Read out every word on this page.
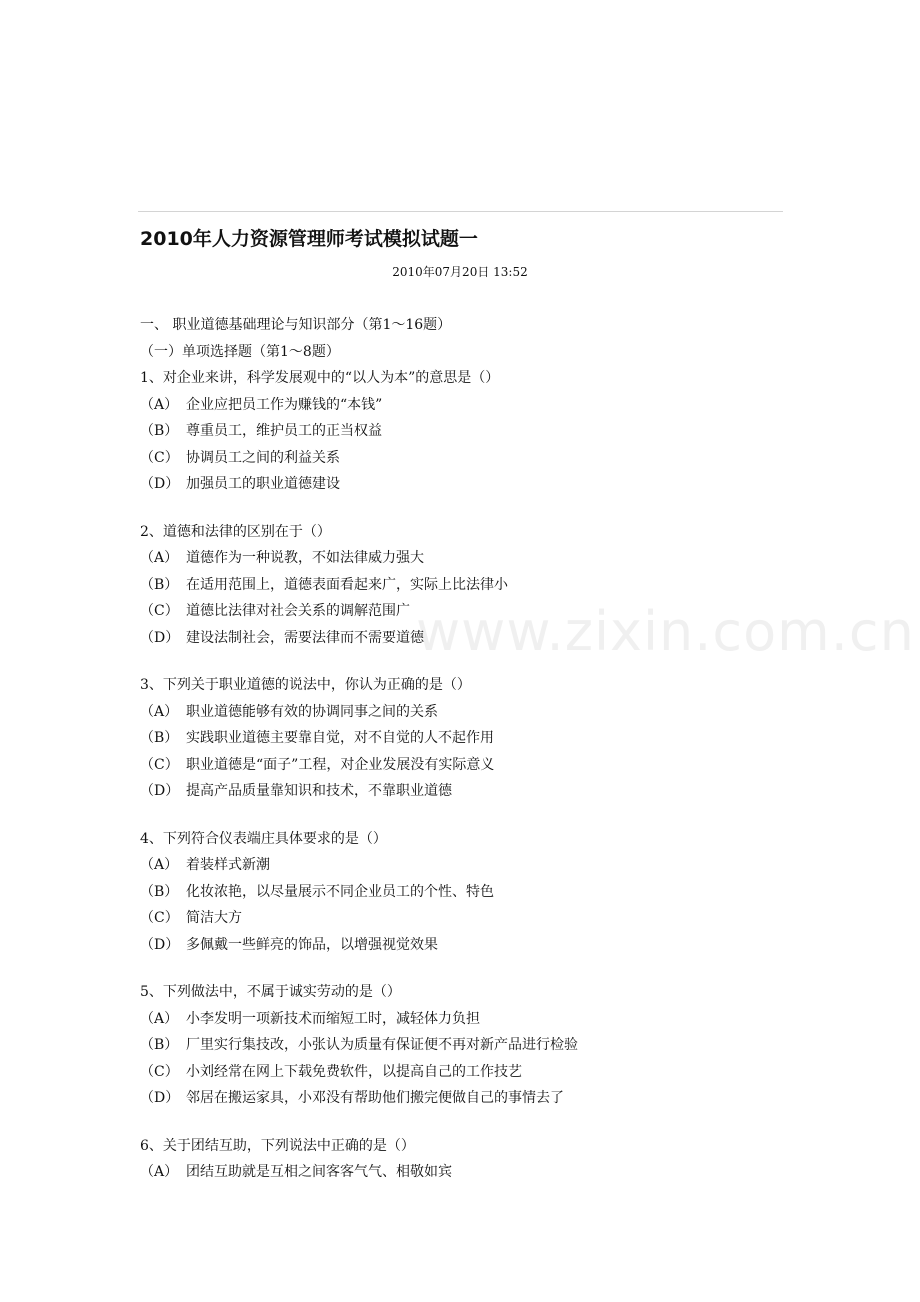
2010年人力资源管理师考试模拟试题一
2010年07月20日 13:52
www.zixin.com.cn
一、 职业道德基础理论与知识部分（第1～16题）
（一）单项选择题（第1～8题）
1、对企业来讲，科学发展观中的“以人为本”的意思是（）
（A） 企业应把员工作为赚钱的“本钱”
（B） 尊重员工，维护员工的正当权益
（C） 协调员工之间的利益关系
（D） 加强员工的职业道德建设
2、道德和法律的区别在于（）
（A） 道德作为一种说教，不如法律威力强大
（B） 在适用范围上，道德表面看起来广，实际上比法律小
（C） 道德比法律对社会关系的调解范围广
（D） 建设法制社会，需要法律而不需要道德
3、下列关于职业道德的说法中，你认为正确的是（）
（A） 职业道德能够有效的协调同事之间的关系
（B） 实践职业道德主要靠自觉，对不自觉的人不起作用
（C） 职业道德是“面子”工程，对企业发展没有实际意义
（D） 提高产品质量靠知识和技术，不靠职业道德
4、下列符合仪表端庄具体要求的是（）
（A） 着装样式新潮
（B） 化妆浓艳，以尽量展示不同企业员工的个性、特色
（C） 简洁大方
（D） 多佩戴一些鲜亮的饰品，以增强视觉效果
5、下列做法中，不属于诚实劳动的是（）
（A） 小李发明一项新技术而缩短工时，减轻体力负担
（B） 厂里实行集技改，小张认为质量有保证便不再对新产品进行检验
（C） 小刘经常在网上下载免费软件，以提高自己的工作技艺
（D） 邻居在搬运家具，小邓没有帮助他们搬完便做自己的事情去了
6、关于团结互助，下列说法中正确的是（）
（A） 团结互助就是互相之间客客气气、相敬如宾
